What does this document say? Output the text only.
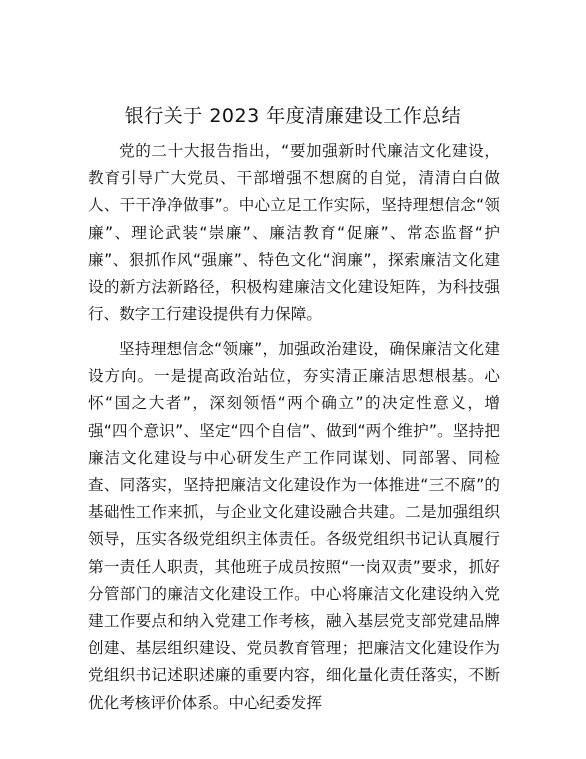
银行关于 2023 年度清廉建设工作总结

党的二十大报告指出，“要加强新时代廉洁文化建设，教育引导广大党员、干部增强不想腐的自觉，清清白白做人、干干净净做事”。中心立足工作实际，坚持理想信念“领廉”、理论武装“崇廉”、廉洁教育“促廉”、常态监督“护廉”、狠抓作风“强廉”、特色文化“润廉”，探索廉洁文化建设的新方法新路径，积极构建廉洁文化建设矩阵，为科技强行、数字工行建设提供有力保障。

坚持理想信念“领廉”，加强政治建设，确保廉洁文化建设方向。一是提高政治站位，夯实清正廉洁思想根基。心怀“国之大者”，深刻领悟“两个确立”的决定性意义，增强“四个意识”、坚定“四个自信”、做到“两个维护”。坚持把廉洁文化建设与中心研发生产工作同谋划、同部署、同检查、同落实，坚持把廉洁文化建设作为一体推进“三不腐”的基础性工作来抓，与企业文化建设融合共建。二是加强组织领导，压实各级党组织主体责任。各级党组织书记认真履行第一责任人职责，其他班子成员按照“一岗双责”要求，抓好分管部门的廉洁文化建设工作。中心将廉洁文化建设纳入党建工作要点和纳入党建工作考核，融入基层党支部党建品牌创建、基层组织建设、党员教育管理；把廉洁文化建设作为党组织书记述职述廉的重要内容，细化量化责任落实，不断优化考核评价体系。中心纪委发挥
